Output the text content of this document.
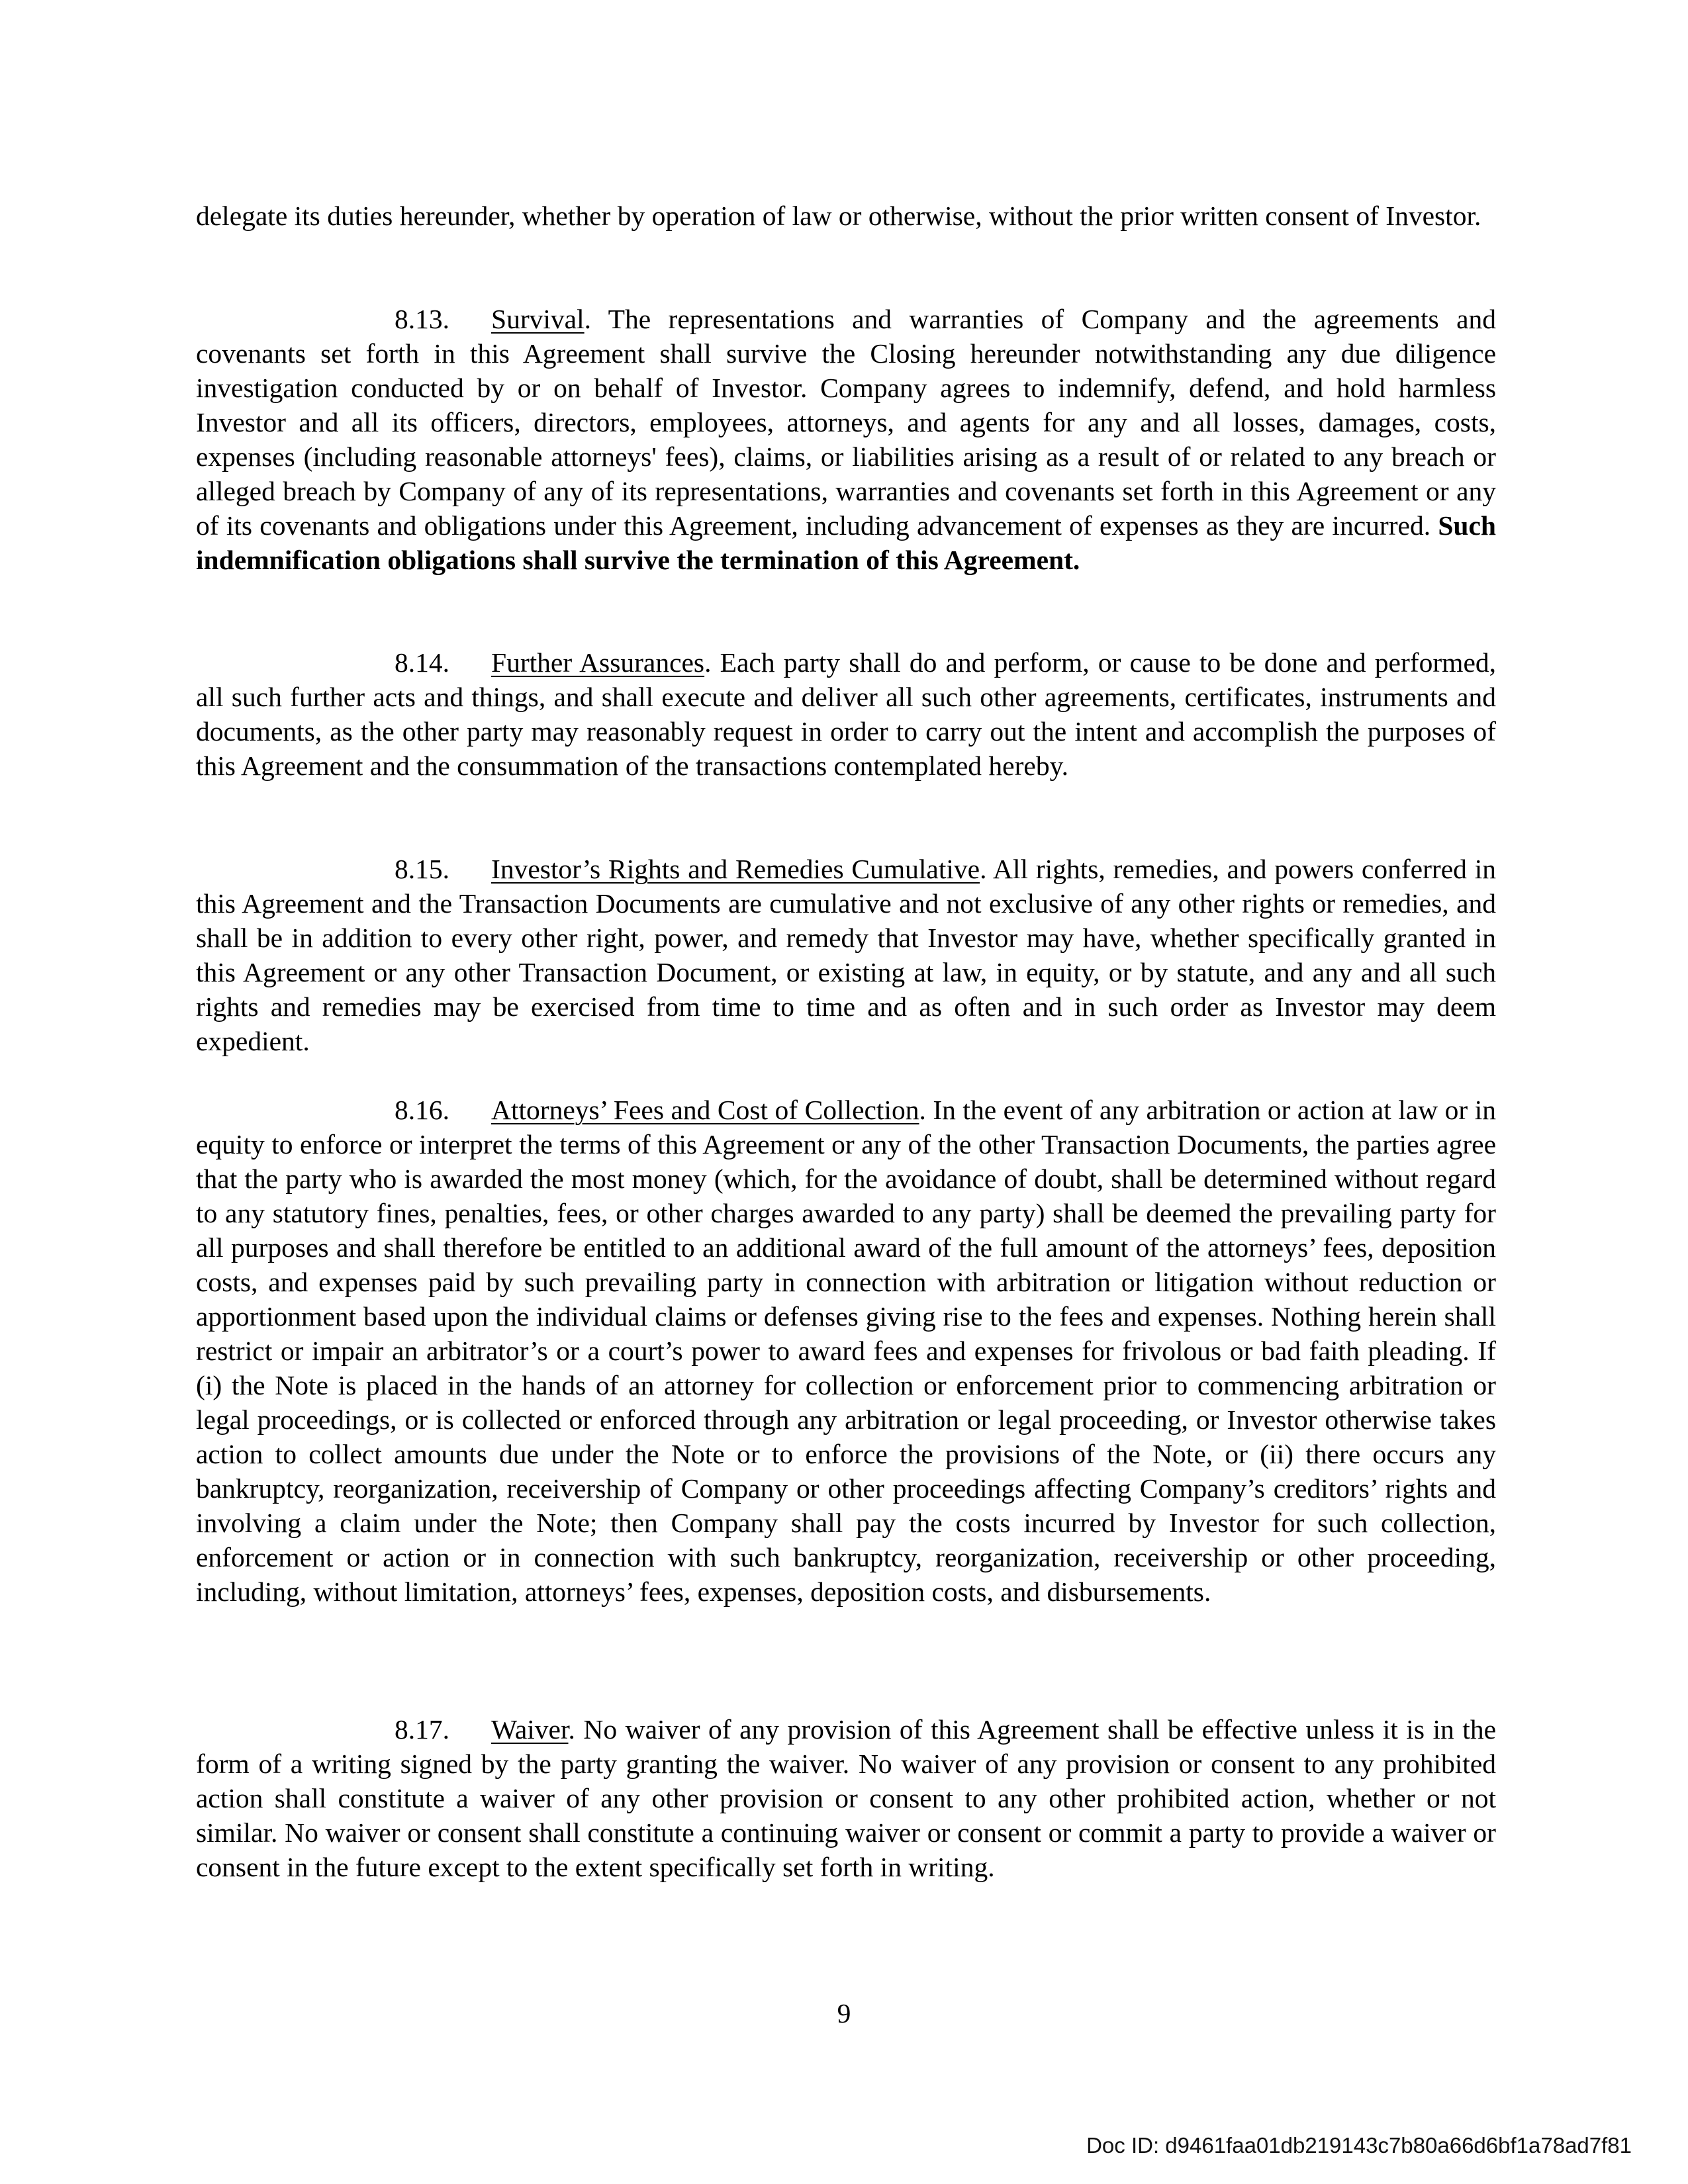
delegate its duties hereunder, whether by operation of law or otherwise, without the prior written consent of Investor.

8.13. Survival. The representations and warranties of Company and the agreements and covenants set forth in this Agreement shall survive the Closing hereunder notwithstanding any due diligence investigation conducted by or on behalf of Investor. Company agrees to indemnify, defend, and hold harmless Investor and all its officers, directors, employees, attorneys, and agents for any and all losses, damages, costs, expenses (including reasonable attorneys' fees), claims, or liabilities arising as a result of or related to any breach or alleged breach by Company of any of its representations, warranties and covenants set forth in this Agreement or any of its covenants and obligations under this Agreement, including advancement of expenses as they are incurred. Such indemnification obligations shall survive the termination of this Agreement.

8.14. Further Assurances. Each party shall do and perform, or cause to be done and performed, all such further acts and things, and shall execute and deliver all such other agreements, certificates, instruments and documents, as the other party may reasonably request in order to carry out the intent and accomplish the purposes of this Agreement and the consummation of the transactions contemplated hereby.

8.15. Investor’s Rights and Remedies Cumulative. All rights, remedies, and powers conferred in this Agreement and the Transaction Documents are cumulative and not exclusive of any other rights or remedies, and shall be in addition to every other right, power, and remedy that Investor may have, whether specifically granted in this Agreement or any other Transaction Document, or existing at law, in equity, or by statute, and any and all such rights and remedies may be exercised from time to time and as often and in such order as Investor may deem expedient.

8.16. Attorneys’ Fees and Cost of Collection. In the event of any arbitration or action at law or in equity to enforce or interpret the terms of this Agreement or any of the other Transaction Documents, the parties agree that the party who is awarded the most money (which, for the avoidance of doubt, shall be determined without regard to any statutory fines, penalties, fees, or other charges awarded to any party) shall be deemed the prevailing party for all purposes and shall therefore be entitled to an additional award of the full amount of the attorneys’ fees, deposition costs, and expenses paid by such prevailing party in connection with arbitration or litigation without reduction or apportionment based upon the individual claims or defenses giving rise to the fees and expenses. Nothing herein shall restrict or impair an arbitrator’s or a court’s power to award fees and expenses for frivolous or bad faith pleading. If (i) the Note is placed in the hands of an attorney for collection or enforcement prior to commencing arbitration or legal proceedings, or is collected or enforced through any arbitration or legal proceeding, or Investor otherwise takes action to collect amounts due under the Note or to enforce the provisions of the Note, or (ii) there occurs any bankruptcy, reorganization, receivership of Company or other proceedings affecting Company’s creditors’ rights and involving a claim under the Note; then Company shall pay the costs incurred by Investor for such collection, enforcement or action or in connection with such bankruptcy, reorganization, receivership or other proceeding, including, without limitation, attorneys’ fees, expenses, deposition costs, and disbursements.

8.17. Waiver. No waiver of any provision of this Agreement shall be effective unless it is in the form of a writing signed by the party granting the waiver. No waiver of any provision or consent to any prohibited action shall constitute a waiver of any other provision or consent to any other prohibited action, whether or not similar. No waiver or consent shall constitute a continuing waiver or consent or commit a party to provide a waiver or consent in the future except to the extent specifically set forth in writing.

9
Doc ID: d9461faa01db219143c7b80a66d6bf1a78ad7f81
